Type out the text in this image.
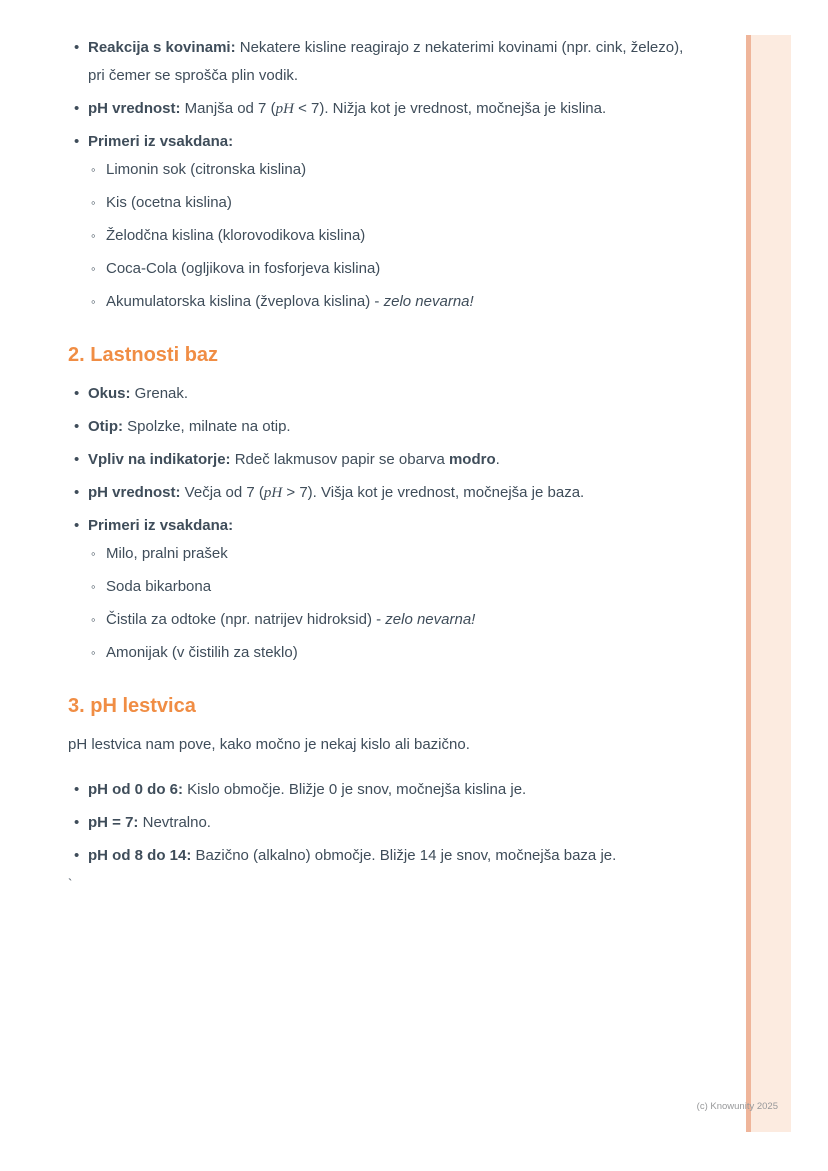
• Reakcija s kovinami: Nekatere kisline reagirajo z nekaterimi kovinami (npr. cink, železo), pri čemer se sprošča plin vodik.
• pH vrednost: Manjša od 7 (pH < 7). Nižja kot je vrednost, močnejša je kislina.
• Primeri iz vsakdana:
◦ Limonin sok (citronska kislina)
◦ Kis (ocetna kislina)
◦ Želodčna kislina (klorovodikova kislina)
◦ Coca-Cola (ogljikova in fosforjeva kislina)
◦ Akumulatorska kislina (žveplova kislina) - zelo nevarna!
2. Lastnosti baz
• Okus: Grenak.
• Otip: Spolzke, milnate na otip.
• Vpliv na indikatorje: Rdeč lakmusov papir se obarva modro.
• pH vrednost: Večja od 7 (pH > 7). Višja kot je vrednost, močnejša je baza.
• Primeri iz vsakdana:
◦ Milo, pralni prašek
◦ Soda bikarbona
◦ Čistila za odtoke (npr. natrijev hidroksid) - zelo nevarna!
◦ Amonijak (v čistilih za steklo)
3. pH lestvica

pH lestvica nam pove, kako močno je nekaj kislo ali bazično.

• pH od 0 do 6: Kislo območje. Bližje 0 je snov, močnejša kislina je.
• pH = 7: Nevtralno.
• pH od 8 do 14: Bazično (alkalno) območje. Bližje 14 je snov, močnejša baza je.
`
(c) Knowunity 2025
